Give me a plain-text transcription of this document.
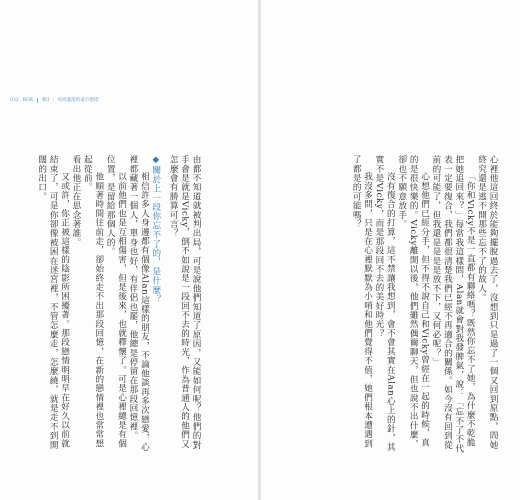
032 BOX 輯1 ｜ 尋回遺落的遠方燈塔

由都不知道就被判出局，可是說他們知道了原因，又能如何呢？他們的對手會是就是Vicky，倒不如說是一段回不去的時光，作為普通人的他們又怎麼會有勝算可言？

◆關於上一段你忘不了的，是什麼？

相信許多人身邊都有個像Alan這樣的朋友，不論他談再多次戀愛，心裡都藏著一個人，單身也好，有伴侶也罷，他總是停留在那段回憶裡。

以前他們也是互相傷害，但是後來，也就釋懷了。可是心裡總是有個位置，是留給那個人的。

他順著時間往前走，卻始終走不出那段回憶，在新的戀情裡也常常想起從前。

看出他正在思念著誰。

又或許，你正被這樣的陰影所困擾著。那段戀情明明早在好久以前就結束了，可是你卻像被困在迷宮裡，不管怎麼走，怎麼繞，就是走不到開闊的出口。	心裡他這回終於能夠擺脫過去了，沒想到只是過了一個又回到原點，問她終究還是逃不開那些忘不了的故人。

「你和Vicky不是一直都有聯絡嗎？既然你忘不了她，為什麼不乾脆把她追回來？」每當我這樣問，Alan就會對我發脾氣，說：「忘不了不代表一定要復合，我們都很清楚我們已經不再適合的關係。如今沒有回到從前的可能了，但我還是是是是放不下，又何必呢？」

心想他們已經分手，但不得不說自己和Vicky曾經在一起的時候，真的是很快樂的。Vicky離開以後，他們雖然偶爾聊天，但也說不出什麼，卻也不願意放手。

沒有復合的打算，這不禁讓我想到，會不會其實在Alan心上的針，其實不是Vicky，而是那段回不去的美好時光？

我沒多問，只是在心裡默默為小哨和他們覺得不值，她們根本遭遇到了都是的可能嗎？
